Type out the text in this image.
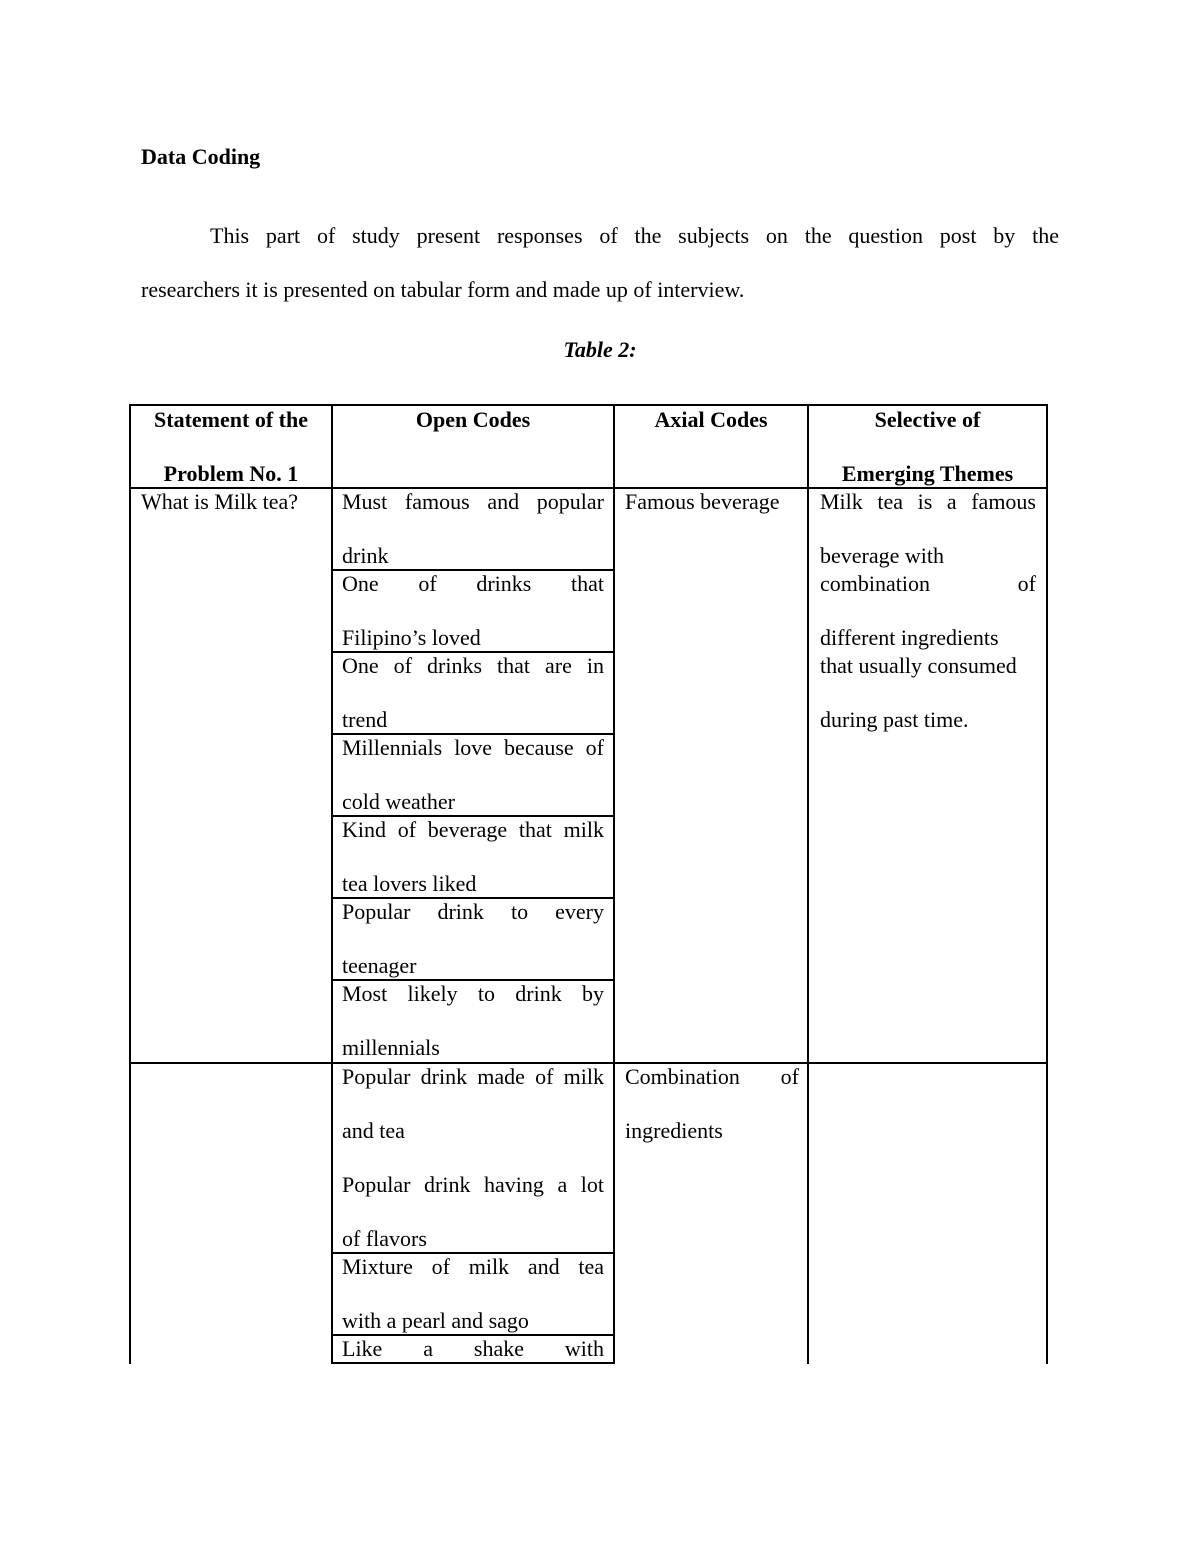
Data Coding
This part of study present responses of the subjects on the question post by the
researchers it is presented on tabular form and made up of interview.
Table 2:
Statement of the
Problem No. 1
Open Codes	Axial Codes	Selective of
Emerging Themes
What is Milk tea? Must famous and popular
drink
One of drinks that
Filipino’s loved
One of drinks that are in
trend
Millennials love because of
cold weather
Kind of beverage that milk
tea lovers liked
Popular drink to every
teenager
Most likely to drink by
millennials
Famous beverage Milk tea is a famous
beverage with
combination of
different ingredients
that usually consumed
during past time.
Popular drink made of milk
and tea
Popular drink having a lot
of flavors
Mixture of milk and tea
with a pearl and sago
Like a shake with
Combination of
ingredients
